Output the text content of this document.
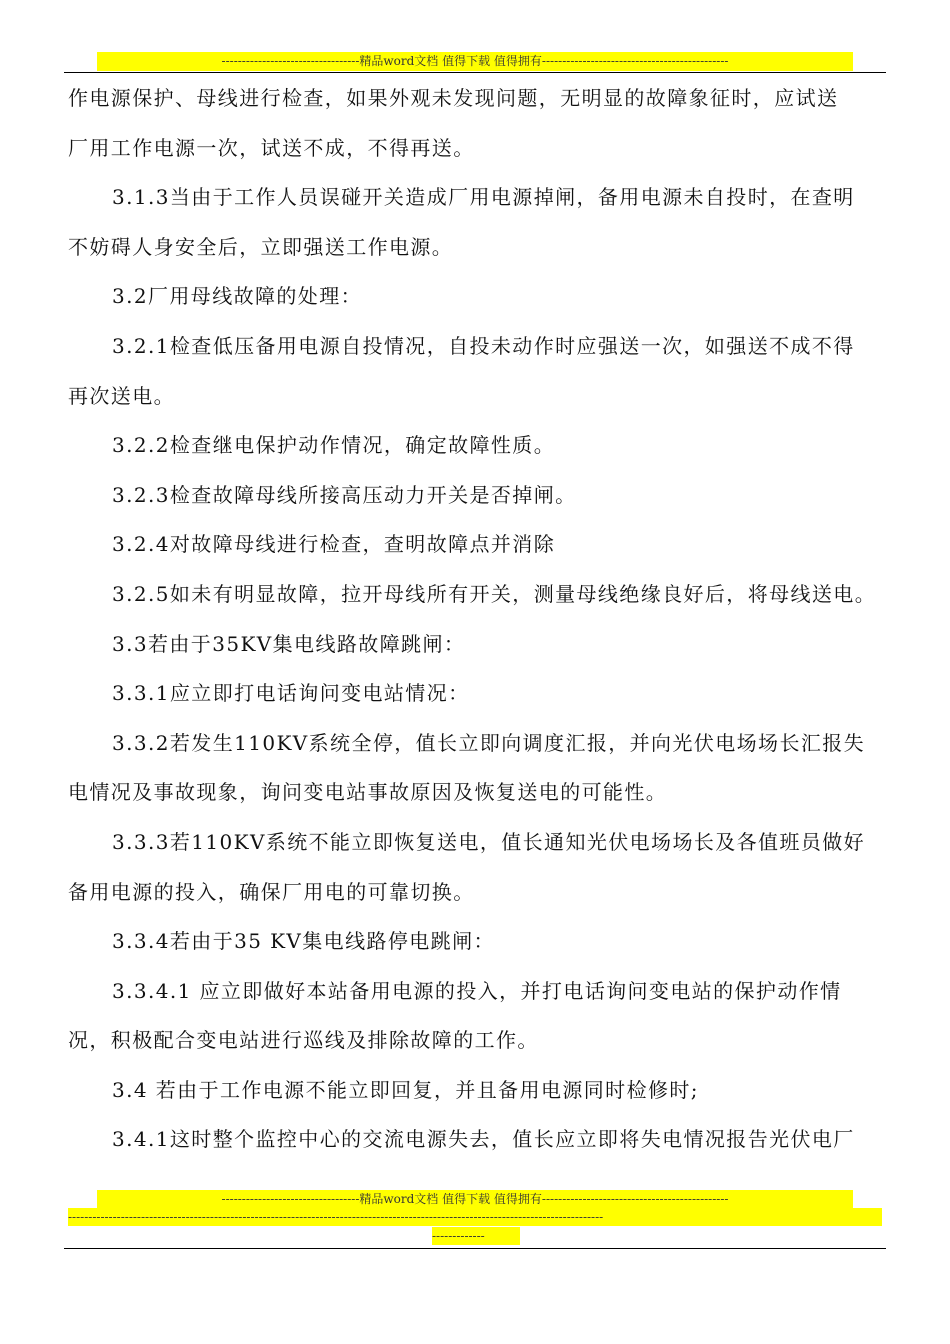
----------------------------------精品word文档 值得下载 值得拥有----------------------------------------------

作电源保护、母线进行检查，如果外观未发现问题，无明显的故障象征时，应试送

厂用工作电源一次，试送不成，不得再送。

3.1.3当由于工作人员误碰开关造成厂用电源掉闸，备用电源未自投时，在查明

不妨碍人身安全后，立即强送工作电源。

3.2厂用母线故障的处理：

3.2.1检查低压备用电源自投情况，自投未动作时应强送一次，如强送不成不得

再次送电。

3.2.2检查继电保护动作情况，确定故障性质。

3.2.3检查故障母线所接高压动力开关是否掉闸。

3.2.4对故障母线进行检查，查明故障点并消除

3.2.5如未有明显故障，拉开母线所有开关，测量母线绝缘良好后，将母线送电。

3.3若由于35KV集电线路故障跳闸：

3.3.1应立即打电话询问变电站情况：

3.3.2若发生110KV系统全停，值长立即向调度汇报，并向光伏电场场长汇报失

电情况及事故现象，询问变电站事故原因及恢复送电的可能性。

3.3.3若110KV系统不能立即恢复送电，值长通知光伏电场场长及各值班员做好

备用电源的投入，确保厂用电的可靠切换。

3.3.4若由于35 KV集电线路停电跳闸：

3.3.4.1 应立即做好本站备用电源的投入，并打电话询问变电站的保护动作情

况，积极配合变电站进行巡线及排除故障的工作。

3.4 若由于工作电源不能立即回复，并且备用电源同时检修时;

3.4.1这时整个监控中心的交流电源失去，值长应立即将失电情况报告光伏电厂

----------------------------------精品word文档 值得下载 值得拥有----------------------------------------------
------------------------------------------------------------------------------------------------------------------------------------
-------------
